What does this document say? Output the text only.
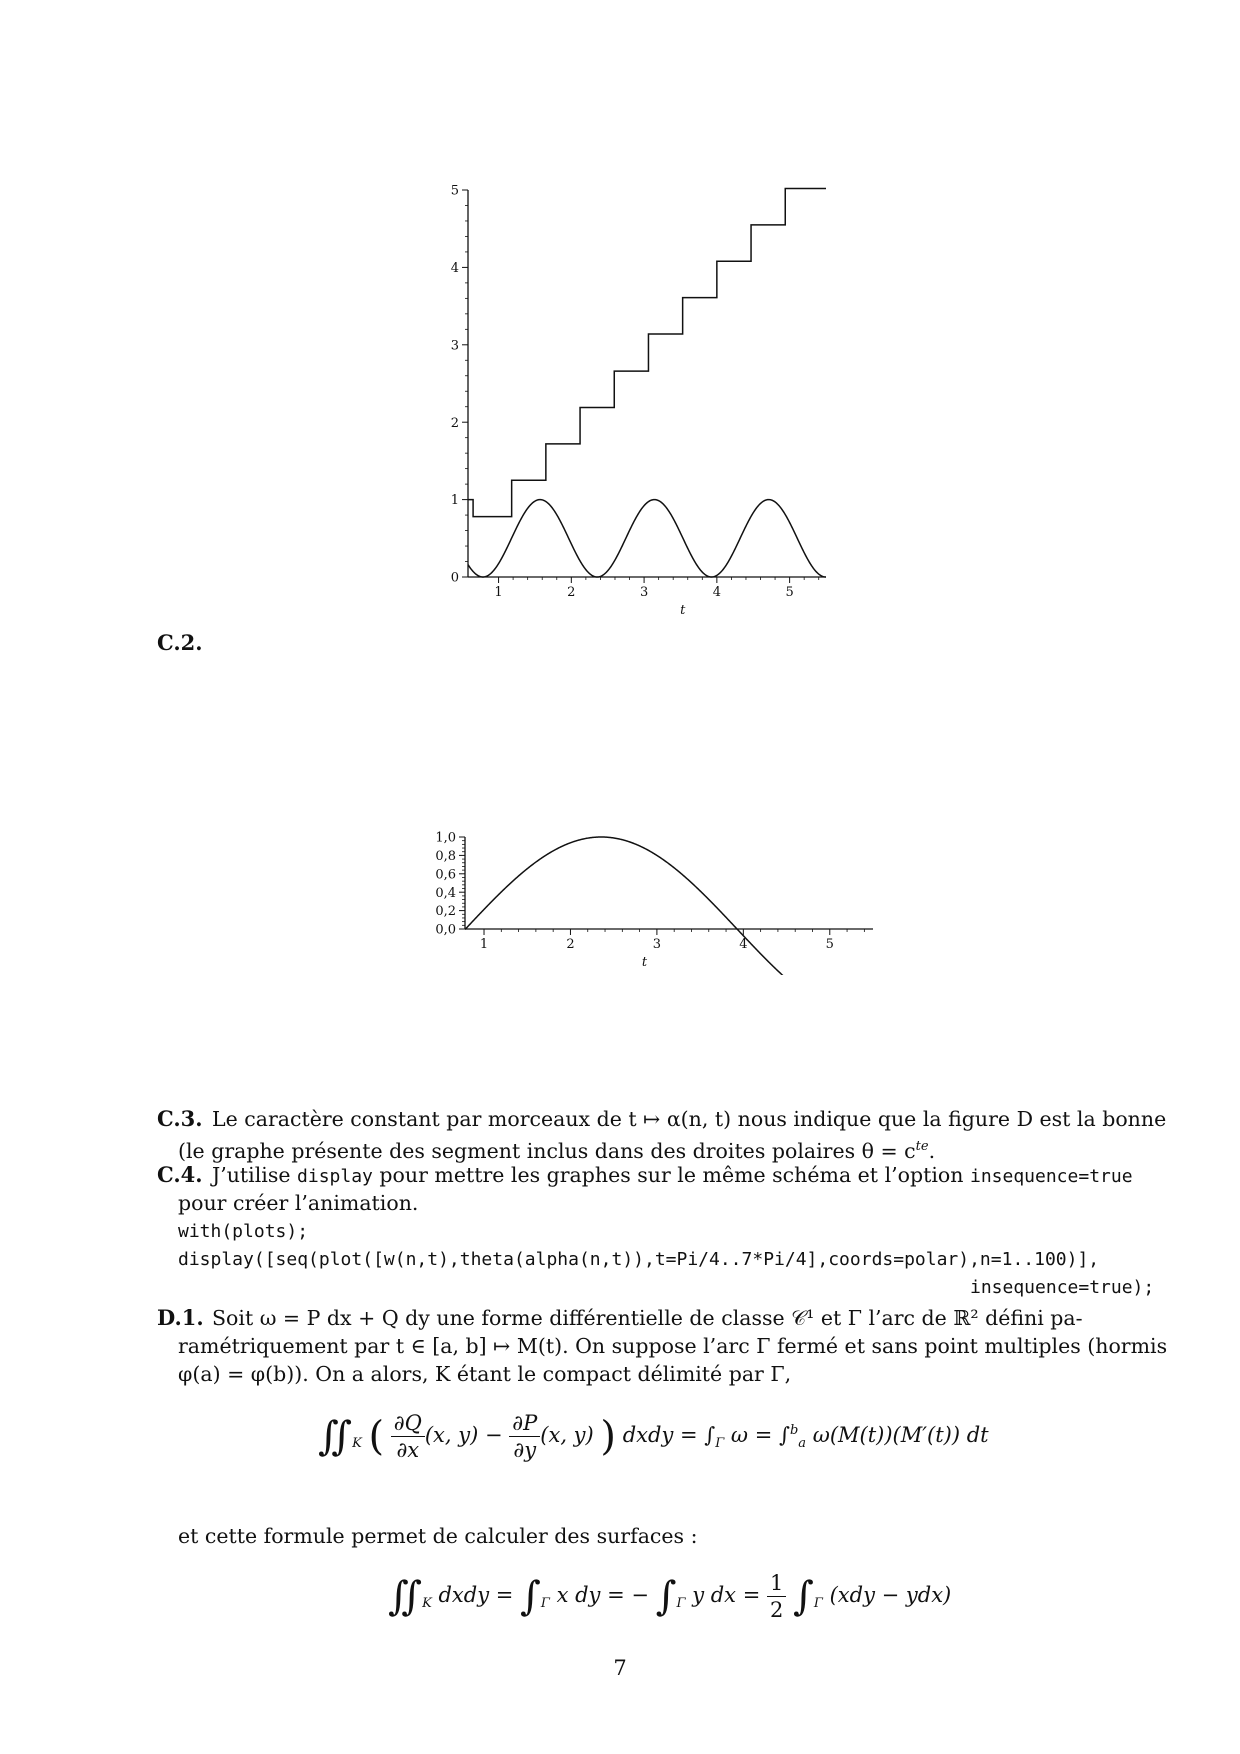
0
1
2
3
4
5
1	2	3	4	5
t
C.2.
0,0
0,2
0,4
0,6
0,8
1,0
1	2	3	4	5
t
C.3. Le caractère constant par morceaux de t ↦ α(n, t) nous indique que la figure D est la bonne
(le graphe présente des segment inclus dans des droites polaires $\theta = c^{te}$.
C.4. J’utilise display pour mettre les graphes sur le même schéma et l’option insequence=true
pour créer l’animation.
with(plots);
display([seq(plot([w(n,t),theta(alpha(n,t)),t=Pi/4..7*Pi/4],coords=polar),n=1..100)],
insequence=true);
D.1. Soit ω = P dx + Q dy une forme différentielle de classe 𝒞¹ et Γ l’arc de ℝ² défini pa-
ramétriquement par t ∈ [a, b] ↦ M(t). On suppose l’arc Γ fermé et sans point multiples (hormis
φ(a) = φ(b)). On a alors, K étant le compact délimité par Γ,
$∬_K$ ( $\frac{\partial Q}{\partial x} (x$, $y) - \frac{\partial P}{\partial y} (x$, y) ) dxdy = $\int_\Gamma$ ω = ∫$^b_a$ ω(M(t))(M′(t)) dt
et cette formule permet de calculer des surfaces :
$∬_K$ dxdy = $\int_\Gamma$ x dy = − $\int_\Gamma$ y dx = $\frac{1}{2} \int_\Gamma$ (xdy − ydx)
7
